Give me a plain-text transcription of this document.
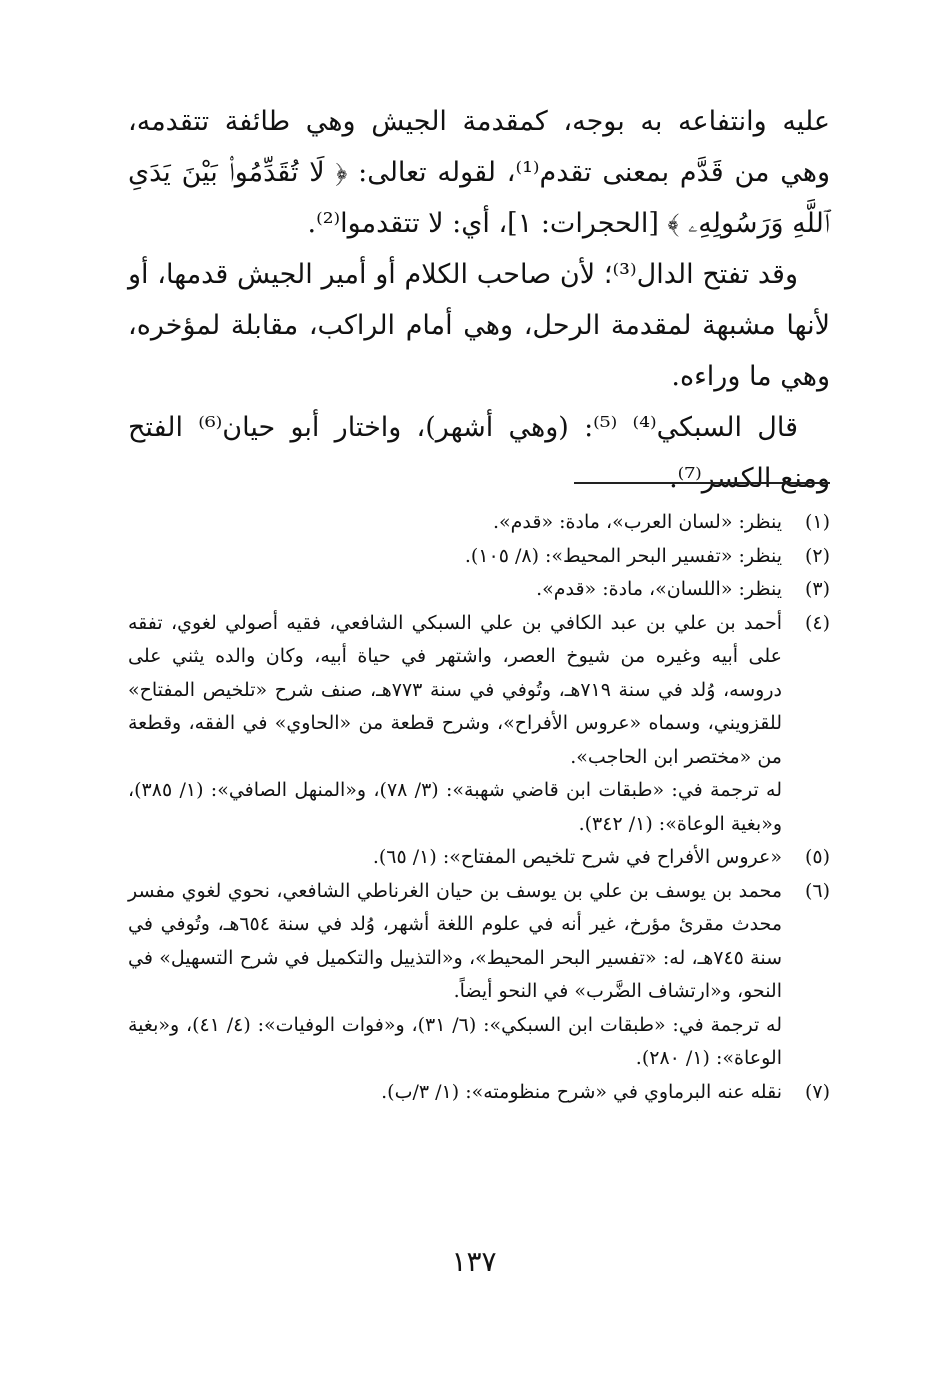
عليه وانتفاعه به بوجه، كمقدمة الجيش وهي طائفة تتقدمه، وهي من قَدَّم بمعنى تقدم⁽¹⁾، لقوله تعالى: ﴿ لَا تُقَدِّمُوا۟ بَيْنَ يَدَىِ ٱللَّهِ وَرَسُولِهِۦ ﴾ [الحجرات: ١]، أي: لا تتقدموا⁽²⁾.

وقد تفتح الدال⁽³⁾؛ لأن صاحب الكلام أو أمير الجيش قدمها، أو لأنها مشبهة لمقدمة الرحل، وهي أمام الراكب، مقابلة لمؤخره، وهي ما وراءه.

قال السبكي⁽⁴⁾ ⁽⁵⁾: (وهي أشهر)، واختار أبو حيان⁽⁶⁾ الفتح ومنع الكسر⁽⁷⁾.

(١)

ينظر: «لسان العرب»، مادة: «قدم».

(٢)

ينظر: «تفسير البحر المحيط»: (٨/ ١٠٥).

(٣)

ينظر: «اللسان»، مادة: «قدم».

(٤)

أحمد بن علي بن عبد الكافي بن علي السبكي الشافعي، فقيه أصولي لغوي، تفقه على أبيه وغيره من شيوخ العصر، واشتهر في حياة أبيه، وكان والده يثني على دروسه، وُلد في سنة ٧١٩هـ، وتُوفي في سنة ٧٧٣هـ، صنف شرح «تلخيص المفتاح» للقزويني، وسماه «عروس الأفراح»، وشرح قطعة من «الحاوي» في الفقه، وقطعة من «مختصر ابن الحاجب».

له ترجمة في: «طبقات ابن قاضي شهبة»: (٣/ ٧٨)، و«المنهل الصافي»: (١/ ٣٨٥)، و«بغية الوعاة»: (١/ ٣٤٢).

(٥)

«عروس الأفراح في شرح تلخيص المفتاح»: (١/ ٦٥).

(٦)

محمد بن يوسف بن علي بن يوسف بن حيان الغرناطي الشافعي، نحوي لغوي مفسر محدث مقرئ مؤرخ، غير أنه في علوم اللغة أشهر، وُلد في سنة ٦٥٤هـ، وتُوفي في سنة ٧٤٥هـ، له: «تفسير البحر المحيط»، و«التذييل والتكميل في شرح التسهيل» في النحو، و«ارتشاف الضَّرب» في النحو أيضاً.

له ترجمة في: «طبقات ابن السبكي»: (٦/ ٣١)، و«فوات الوفيات»: (٤/ ٤١)، و«بغية الوعاة»: (١/ ٢٨٠).

(٧)

نقله عنه البرماوي في «شرح منظومته»: (١/ ٣/ب).

١٣٧
